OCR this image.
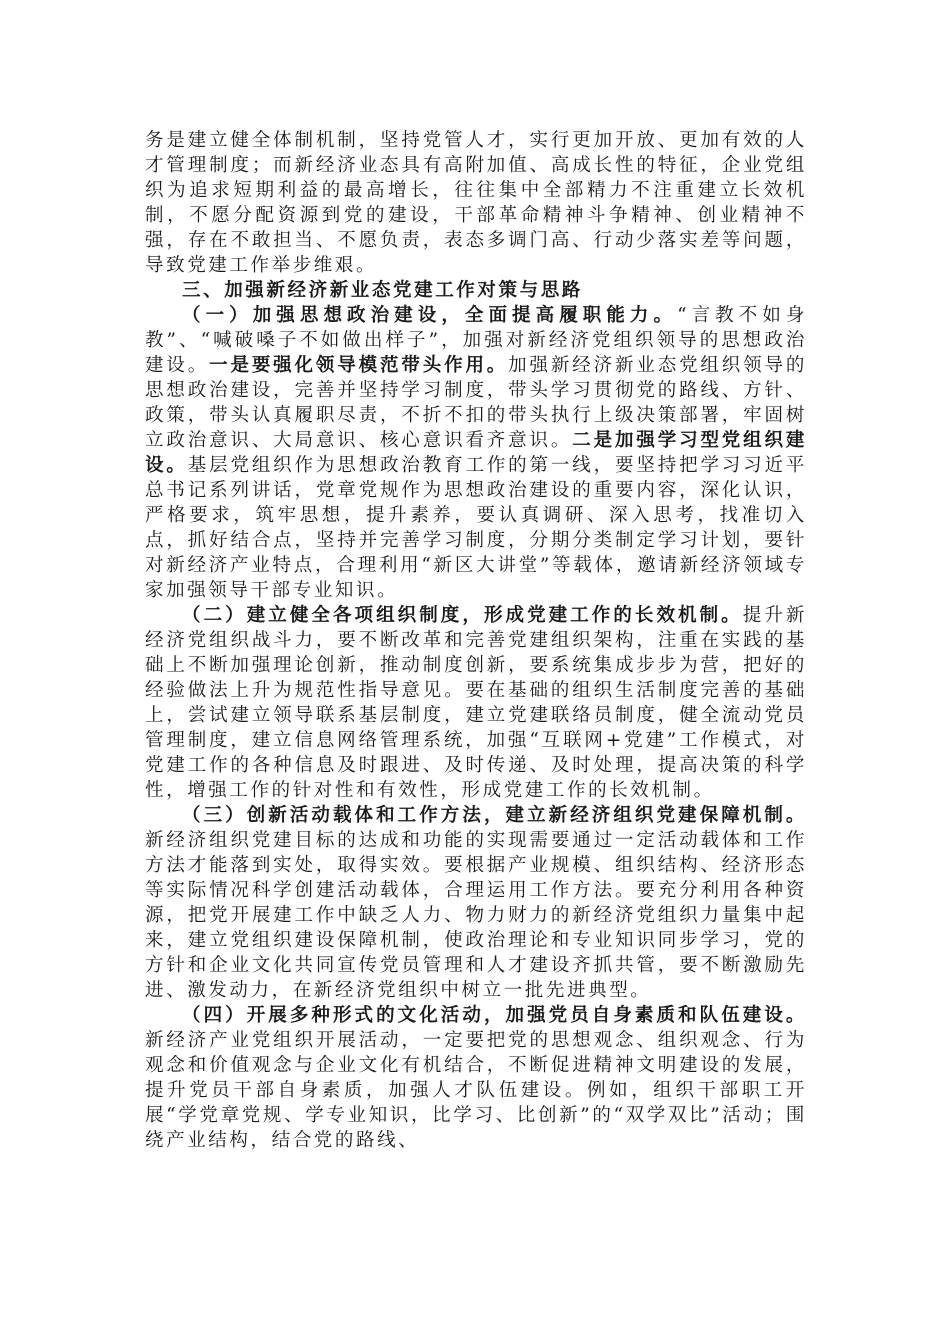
务是建立健全体制机制，坚持党管人才，实行更加开放、更加有效的人才管理制度；而新经济业态具有高附加值、高成长性的特征，企业党组织为追求短期利益的最高增长，往往集中全部精力不注重建立长效机制，不愿分配资源到党的建设，干部革命精神斗争精神、创业精神不强，存在不敢担当、不愿负责，表态多调门高、行动少落实差等问题，导致党建工作举步维艰。

三、加强新经济新业态党建工作对策与思路

（一）加强思想政治建设，全面提高履职能力。“言教不如身教”、“喊破嗓子不如做出样子”，加强对新经济党组织领导的思想政治建设。一是要强化领导模范带头作用。加强新经济新业态党组织领导的思想政治建设，完善并坚持学习制度，带头学习贯彻党的路线、方针、政策，带头认真履职尽责，不折不扣的带头执行上级决策部署，牢固树立政治意识、大局意识、核心意识看齐意识。二是加强学习型党组织建设。基层党组织作为思想政治教育工作的第一线，要坚持把学习习近平总书记系列讲话，党章党规作为思想政治建设的重要内容，深化认识，严格要求，筑牢思想，提升素养，要认真调研、深入思考，找准切入点，抓好结合点，坚持并完善学习制度，分期分类制定学习计划，要针对新经济产业特点，合理利用“新区大讲堂”等载体，邀请新经济领域专家加强领导干部专业知识。

（二）建立健全各项组织制度，形成党建工作的长效机制。提升新经济党组织战斗力，要不断改革和完善党建组织架构，注重在实践的基础上不断加强理论创新，推动制度创新，要系统集成步步为营，把好的经验做法上升为规范性指导意见。要在基础的组织生活制度完善的基础上，尝试建立领导联系基层制度，建立党建联络员制度，健全流动党员管理制度，建立信息网络管理系统，加强“互联网+党建”工作模式，对党建工作的各种信息及时跟进、及时传递、及时处理，提高决策的科学性，增强工作的针对性和有效性，形成党建工作的长效机制。

（三）创新活动载体和工作方法，建立新经济组织党建保障机制。新经济组织党建目标的达成和功能的实现需要通过一定活动载体和工作方法才能落到实处，取得实效。要根据产业规模、组织结构、经济形态等实际情况科学创建活动载体，合理运用工作方法。要充分利用各种资源，把党开展建工作中缺乏人力、物力财力的新经济党组织力量集中起来，建立党组织建设保障机制，使政治理论和专业知识同步学习，党的方针和企业文化共同宣传党员管理和人才建设齐抓共管，要不断激励先进、激发动力，在新经济党组织中树立一批先进典型。

（四）开展多种形式的文化活动，加强党员自身素质和队伍建设。新经济产业党组织开展活动，一定要把党的思想观念、组织观念、行为观念和价值观念与企业文化有机结合，不断促进精神文明建设的发展，提升党员干部自身素质，加强人才队伍建设。例如，组织干部职工开展“学党章党规、学专业知识，比学习、比创新”的“双学双比”活动；围绕产业结构，结合党的路线、
